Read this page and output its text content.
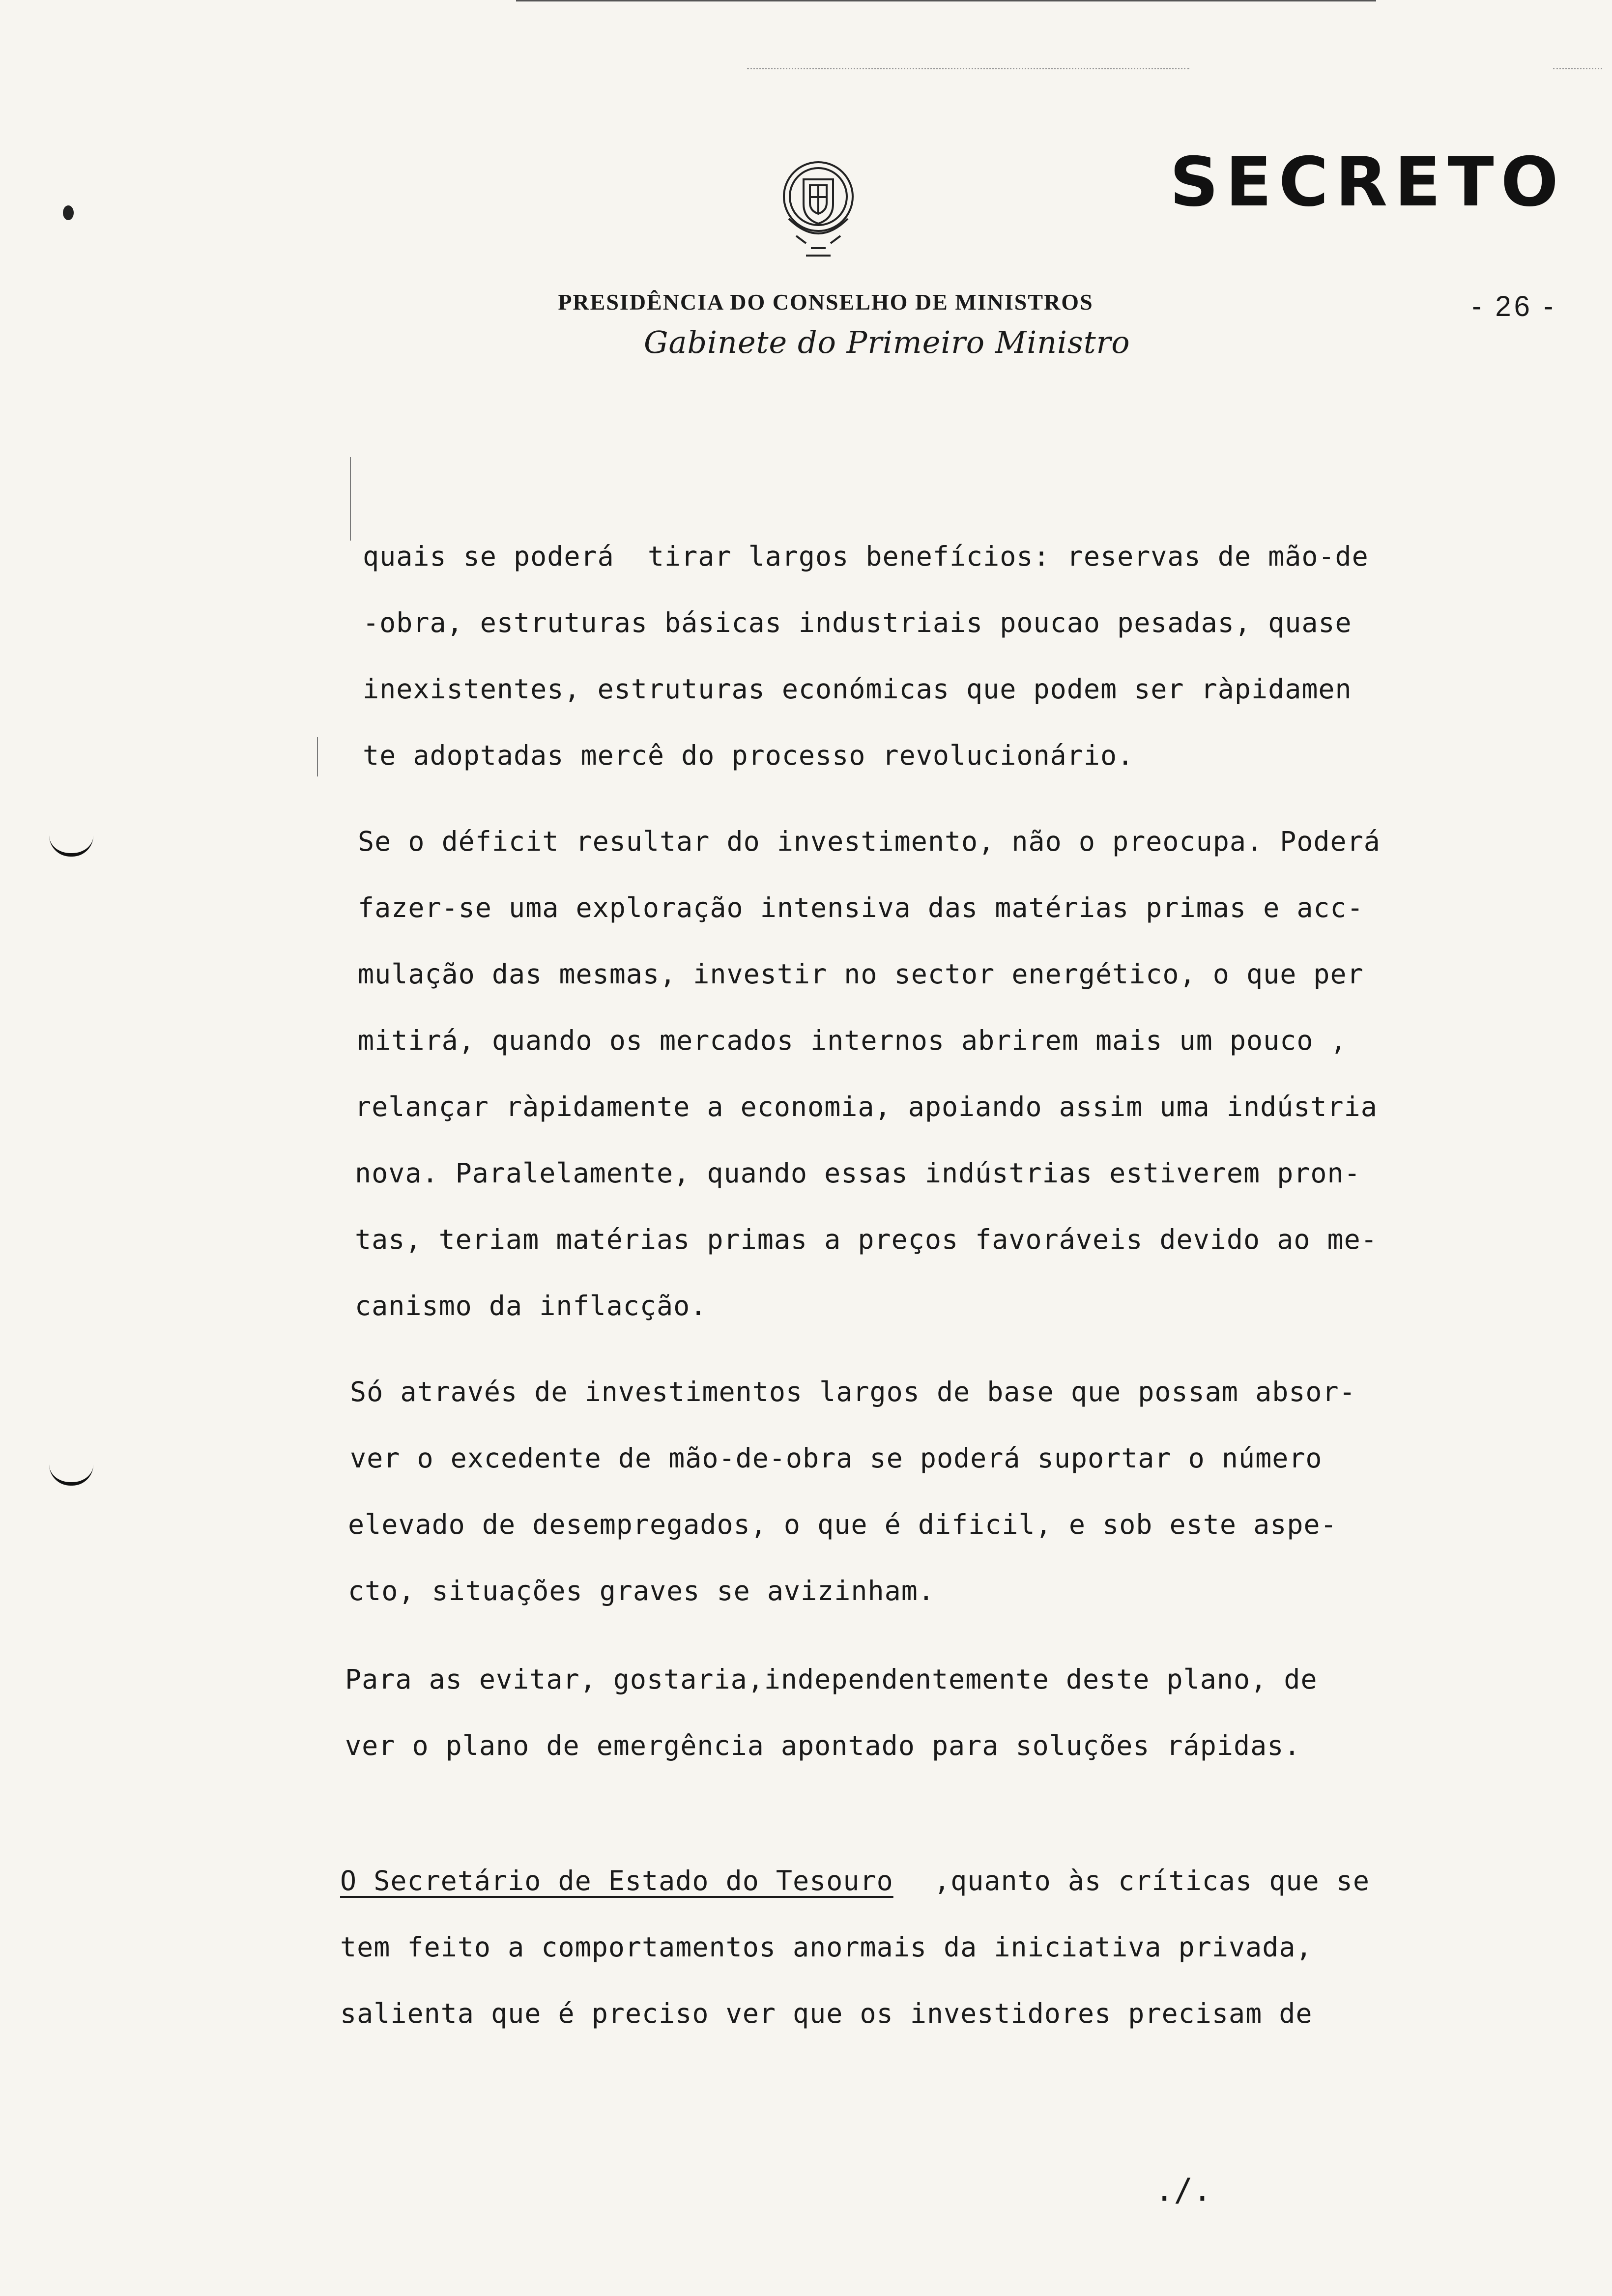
SECRETO
PRESIDÊNCIA DO CONSELHO DE MINISTROS
Gabinete do Primeiro Ministro
- 26 -
quais se poderá  tirar largos benefícios: reservas de mão-de
-obra, estruturas básicas industriais poucao pesadas, quase
inexistentes, estruturas económicas que podem ser ràpidamen
te adoptadas mercê do processo revolucionário.
Se o déficit resultar do investimento, não o preocupa. Poderá
fazer-se uma exploração intensiva das matérias primas e acc-
mulação das mesmas, investir no sector energético, o que per
mitirá, quando os mercados internos abrirem mais um pouco ,
relançar ràpidamente a economia, apoiando assim uma indústria
nova. Paralelamente, quando essas indústrias estiverem pron-
tas, teriam matérias primas a preços favoráveis devido ao me-
canismo da inflacção.
Só através de investimentos largos de base que possam absor-
ver o excedente de mão-de-obra se poderá suportar o número
elevado de desempregados, o que é dificil, e sob este aspe-
cto, situações graves se avizinham.
Para as evitar, gostaria,independentemente deste plano, de
ver o plano de emergência apontado para soluções rápidas.
O Secretário de Estado do Tesouro ,quanto às críticas que se
tem feito a comportamentos anormais da iniciativa privada,
salienta que é preciso ver que os investidores precisam de
./.
